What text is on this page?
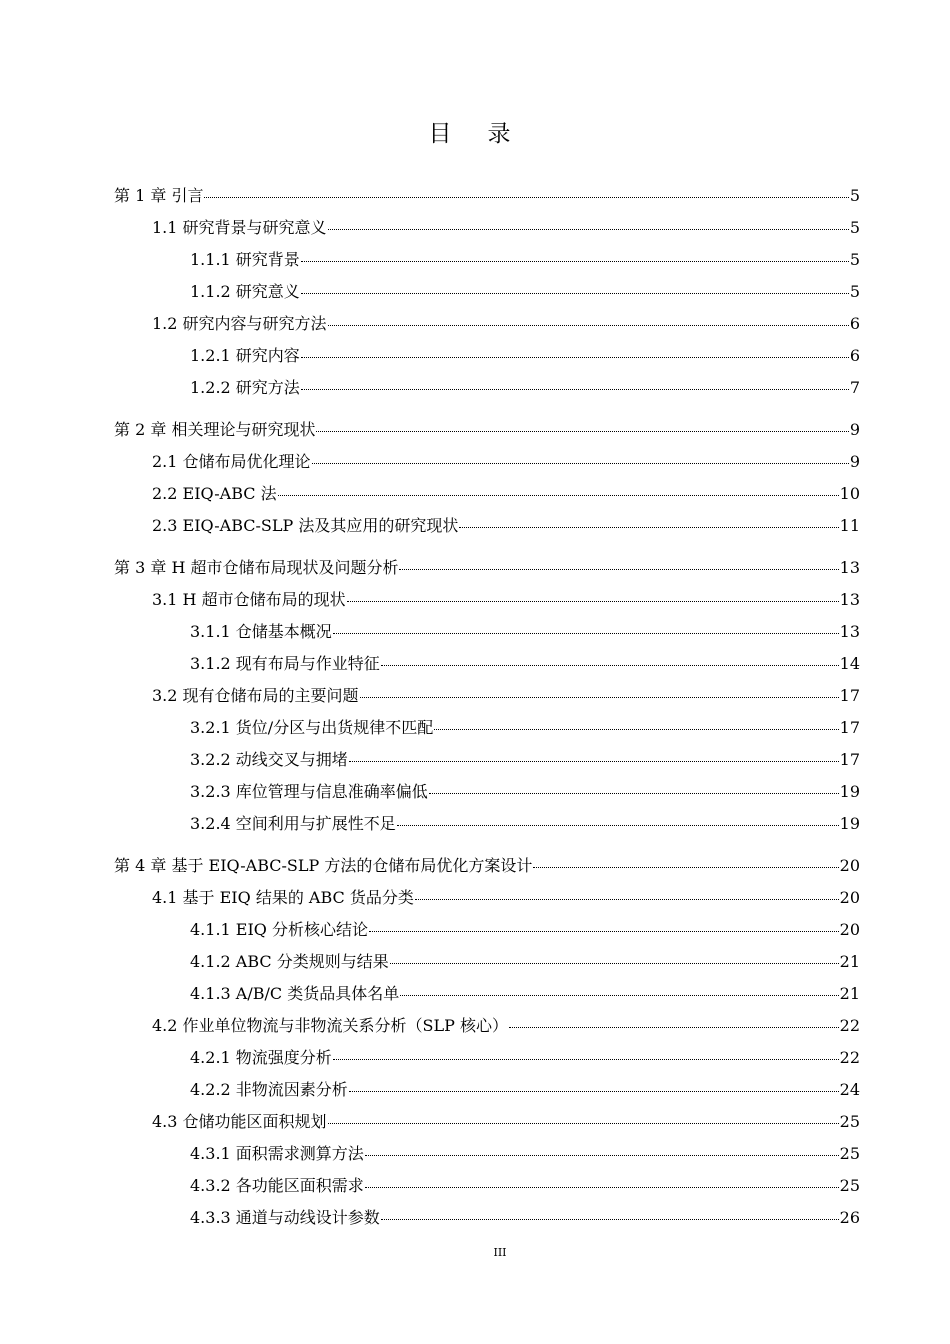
目录
第 1 章 引言	5
1.1 研究背景与研究意义	5
1.1.1 研究背景	5
1.1.2 研究意义	5
1.2 研究内容与研究方法	6
1.2.1 研究内容	6
1.2.2 研究方法	7
第 2 章 相关理论与研究现状	9
2.1 仓储布局优化理论	9
2.2 EIQ-ABC 法	10
2.3 EIQ-ABC-SLP 法及其应用的研究现状	11
第 3 章 H 超市仓储布局现状及问题分析	13
3.1 H 超市仓储布局的现状	13
3.1.1 仓储基本概况	13
3.1.2 现有布局与作业特征	14
3.2 现有仓储布局的主要问题	17
3.2.1 货位/分区与出货规律不匹配	17
3.2.2 动线交叉与拥堵	17
3.2.3 库位管理与信息准确率偏低	19
3.2.4 空间利用与扩展性不足	19
第 4 章 基于 EIQ-ABC-SLP 方法的仓储布局优化方案设计	20
4.1 基于 EIQ 结果的 ABC 货品分类	20
4.1.1 EIQ 分析核心结论	20
4.1.2 ABC 分类规则与结果	21
4.1.3 A/B/C 类货品具体名单	21
4.2 作业单位物流与非物流关系分析（SLP 核心）	22
4.2.1 物流强度分析	22
4.2.2 非物流因素分析	24
4.3 仓储功能区面积规划	25
4.3.1 面积需求测算方法	25
4.3.2 各功能区面积需求	25
4.3.3 通道与动线设计参数	26
III
